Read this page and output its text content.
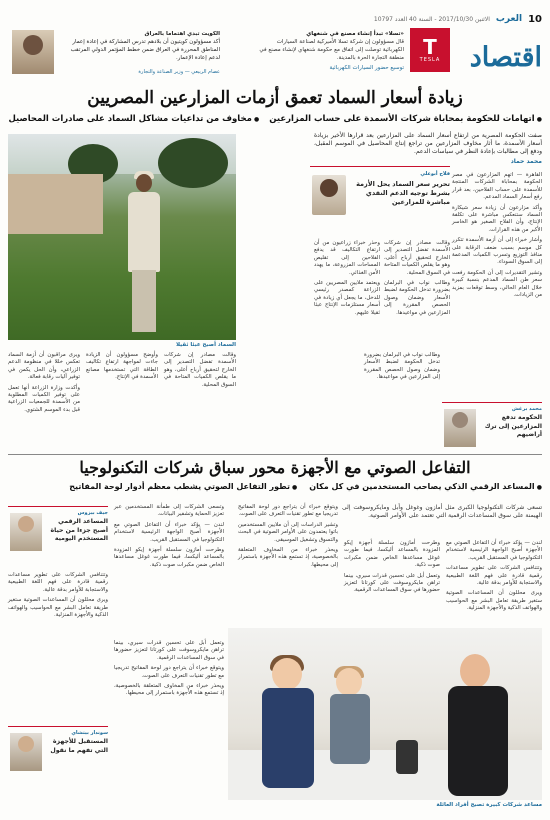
10
العرب
الاثنين 2017/10/30 - السنة 40 العدد 10797
اقتصاد
T
TESLA
«تسلا» تبدأ إنشاء مصنع في شنغهاي
قال مسؤولون إن شركة تسلا الأميركية لصناعة السيارات الكهربائية توصلت إلى اتفاق مع حكومة شنغهاي لإنشاء مصنع في منطقة التجارة الحرة بالمدينة.
توسيع حضور السيارات الكهربائية
الكويت تبدي اهتماما بالعراق
أكد مسؤولون كويتيون أن بلادهم تدرس المشاركة في إعادة إعمار المناطق المحررة في العراق ضمن خطط المؤتمر الدولي المرتقب لدعم إعادة الإعمار.
عصام الربيعي — وزير الصناعة والتجارة
زيادة أسعار السماد تعمق أزمات المزارعين المصريين
● اتهامات للحكومة بمحاباة شركات الأسمدة على حساب المزارعين
● مخاوف من تداعيات مشاكل السماد على صادرات المحاصيل
صفت الحكومة المصرية من ارتفاع أسعار السماد على المزارعين بعد قرارها الأخير بزيادة أسعار الأسمدة، ما أثار مخاوف المزارعين من تراجع إنتاج المحاصيل في الموسم المقبل، ودفع إلى مطالبات بإعادة النظر في سياسات الدعم.
محمد حماد
فلاح أبوعلي
تحرير سعر السماد يحل الأزمة بشرط توجيه الدعم النقدي مباشرة للمزارعين

القاهرة — اتهم المزارعون في مصر الحكومة بمحاباة الشركات المنتجة للأسمدة على حساب الفلاحين، بعد قرار رفع أسعار السماد المدعم.

وأكد مزارعون أن زيادة سعر شيكارة السماد ستنعكس مباشرة على تكلفة الإنتاج، وأن الفلاح الصغير هو الخاسر الأكبر من هذه القرارات.

وأشار خبراء إلى أن أزمة الأسمدة تتكرر كل موسم بسبب ضعف الرقابة على منافذ التوزيع وتسرب الكميات المدعمة إلى السوق السوداء.

وتشير التقديرات إلى أن الحكومة رفعت سعر طن السماد المدعم بنسبة كبيرة خلال العام الحالي، وسط توقعات بمزيد من الزيادات.

وقالت مصادر إن شركات الأسمدة تفضل التصدير إلى الخارج لتحقيق أرباح أعلى، وهو ما يقلص الكميات المتاحة في السوق المحلية.

وطالب نواب في البرلمان بضرورة تدخل الحكومة لضبط الأسعار وضمان وصول الحصص المقررة إلى المزارعين في مواعيدها.

وحذر خبراء زراعيون من أن ارتفاع التكاليف قد يدفع الفلاحين إلى تقليص المساحات المزروعة، ما يهدد الأمن الغذائي.

ويعتمد ملايين المصريين على الزراعة كمصدر رئيسي للدخل، ما يجعل أي زيادة في أسعار مستلزمات الإنتاج عبئا ثقيلا عليهم.

السماد أصبح عبئا ثقيلا

ويرى مراقبون أن أزمة السماد تعكس خللا في منظومة الدعم الزراعي، وأن الحل يكمن في توفير آليات رقابة فعالة.

وأكدت وزارة الزراعة أنها تعمل على توفير الكميات المطلوبة من الأسمدة للجمعيات الزراعية قبل بدء الموسم الشتوي.

وأوضح مسؤولون أن الزيادة جاءت لمواجهة ارتفاع تكاليف الطاقة التي تستخدمها مصانع الأسمدة في الإنتاج.

وقالت مصادر إن شركات الأسمدة تفضل التصدير إلى الخارج لتحقيق أرباح أعلى، وهو ما يقلص الكميات المتاحة في السوق المحلية.

وطالب نواب في البرلمان بضرورة تدخل الحكومة لضبط الأسعار وضمان وصول الحصص المقررة إلى المزارعين في مواعيدها.

محمد برغش
الحكومة تدفع المزارعين إلى ترك أراضيهم
التفاعل الصوتي مع الأجهزة محور سباق شركات التكنولوجيا
● المساعد الرقمي الذكي يصاحب المستخدمين في كل مكان
● تطور التفاعل الصوتي يشطب معظم أدوار لوحة المفاتيح
تسعى شركات التكنولوجيا الكبرى مثل أمازون وغوغل وأبل ومايكروسوفت إلى الهيمنة على سوق المساعدات الرقمية التي تعتمد على الأوامر الصوتية.

لندن — يؤكد خبراء أن التفاعل الصوتي مع الأجهزة أصبح الواجهة الرئيسية لاستخدام التكنولوجيا في المستقبل القريب.

وتتنافس الشركات على تطوير مساعدات رقمية قادرة على فهم اللغة الطبيعية والاستجابة للأوامر بدقة عالية.

ويرى محللون أن المساعدات الصوتية ستغير طريقة تعامل البشر مع الحواسيب والهواتف الذكية والأجهزة المنزلية.

وطرحت أمازون سلسلة أجهزة إيكو المزودة بالمساعد أليكسا، فيما طورت غوغل مساعدها الخاص ضمن مكبرات صوت ذكية.

وتعمل أبل على تحسين قدرات سيري، بينما تراهن مايكروسوفت على كورتانا لتعزيز حضورها في سوق المساعدات الرقمية.

ويتوقع خبراء أن يتراجع دور لوحة المفاتيح تدريجيا مع تطور تقنيات التعرف على الصوت.

وتشير الدراسات إلى أن ملايين المستخدمين باتوا يعتمدون على الأوامر الصوتية في البحث والتسوق وتشغيل الموسيقى.

ويحذر خبراء من المخاوف المتعلقة بالخصوصية، إذ تستمع هذه الأجهزة باستمرار إلى محيطها.

وتسعى الشركات إلى طمأنة المستخدمين عبر تعزيز الحماية وتشفير البيانات.

لندن — يؤكد خبراء أن التفاعل الصوتي مع الأجهزة أصبح الواجهة الرئيسية لاستخدام التكنولوجيا في المستقبل القريب.

وطرحت أمازون سلسلة أجهزة إيكو المزودة بالمساعد أليكسا، فيما طورت غوغل مساعدها الخاص ضمن مكبرات صوت ذكية.

جيف بيزوس
المساعد الرقمي أصبح جزءا من حياة المستخدم اليومية

وتتنافس الشركات على تطوير مساعدات رقمية قادرة على فهم اللغة الطبيعية والاستجابة للأوامر بدقة عالية.

ويرى محللون أن المساعدات الصوتية ستغير طريقة تعامل البشر مع الحواسيب والهواتف الذكية والأجهزة المنزلية.

وتعمل أبل على تحسين قدرات سيري، بينما تراهن مايكروسوفت على كورتانا لتعزيز حضورها في سوق المساعدات الرقمية.

ويتوقع خبراء أن يتراجع دور لوحة المفاتيح تدريجيا مع تطور تقنيات التعرف على الصوت.

ويحذر خبراء من المخاوف المتعلقة بالخصوصية، إذ تستمع هذه الأجهزة باستمرار إلى محيطها.

سوندار بيتشاي
المستقبل للأجهزة التي تفهم ما نقول
مساعد شركات كبيرة تصبح أفراد العائلة
